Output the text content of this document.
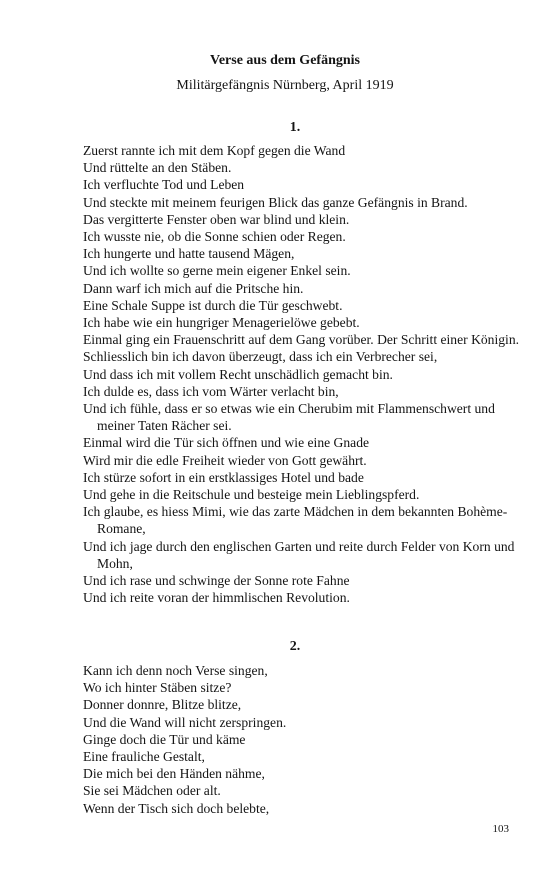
Verse aus dem Gefängnis
Militärgefängnis Nürnberg, April 1919
1.
Zuerst rannte ich mit dem Kopf gegen die Wand
Und rüttelte an den Stäben.
Ich verfluchte Tod und Leben
Und steckte mit meinem feurigen Blick das ganze Gefängnis in Brand.
Das vergitterte Fenster oben war blind und klein.
Ich wusste nie, ob die Sonne schien oder Regen.
Ich hungerte und hatte tausend Mägen,
Und ich wollte so gerne mein eigener Enkel sein.
Dann warf ich mich auf die Pritsche hin.
Eine Schale Suppe ist durch die Tür geschwebt.
Ich habe wie ein hungriger Menagerielöwe gebebt.
Einmal ging ein Frauenschritt auf dem Gang vorüber. Der Schritt einer Königin.
Schliesslich bin ich davon überzeugt, dass ich ein Verbrecher sei,
Und dass ich mit vollem Recht unschädlich gemacht bin.
Ich dulde es, dass ich vom Wärter verlacht bin,
Und ich fühle, dass er so etwas wie ein Cherubim mit Flammenschwert und meiner Taten Rächer sei.
Einmal wird die Tür sich öffnen und wie eine Gnade
Wird mir die edle Freiheit wieder von Gott gewährt.
Ich stürze sofort in ein erstklassiges Hotel und bade
Und gehe in die Reitschule und besteige mein Lieblingspferd.
Ich glaube, es hiess Mimi, wie das zarte Mädchen in dem bekannten Bohème-Romane,
Und ich jage durch den englischen Garten und reite durch Felder von Korn und Mohn,
Und ich rase und schwinge der Sonne rote Fahne
Und ich reite voran der himmlischen Revolution.
2.
Kann ich denn noch Verse singen,
Wo ich hinter Stäben sitze?
Donner donnre, Blitze blitze,
Und die Wand will nicht zerspringen.
Ginge doch die Tür und käme
Eine frauliche Gestalt,
Die mich bei den Händen nähme,
Sie sei Mädchen oder alt.
Wenn der Tisch sich doch belebte,
103
